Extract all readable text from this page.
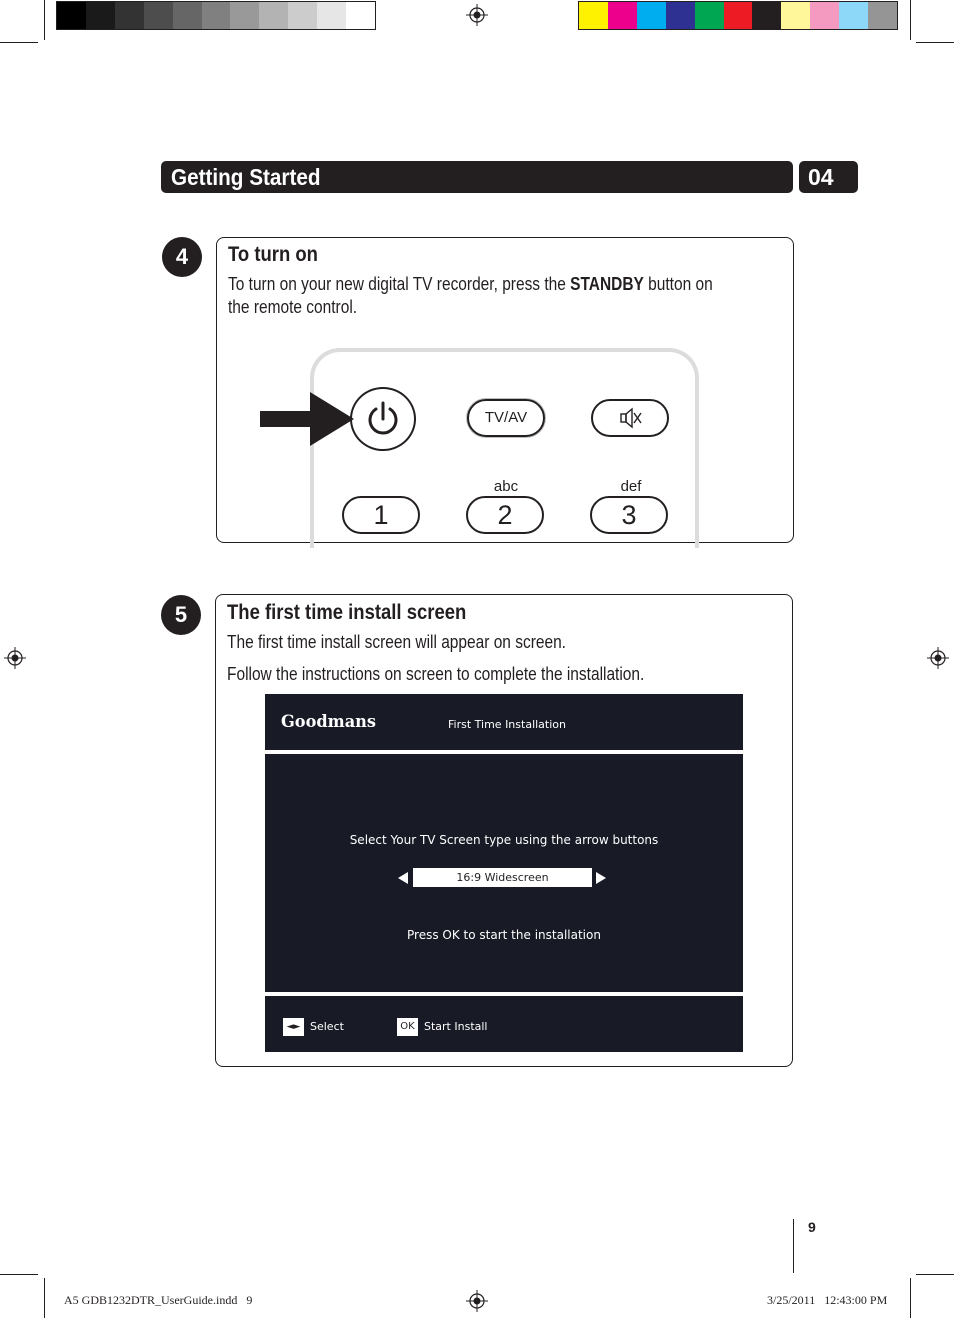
Getting Started	04
4	To turn on
To turn on your new digital TV recorder, press the STANDBY button on
the remote control.
TV/AV
abc	def
1	2	3
5	The first time install screen
The first time install screen will appear on screen.
Follow the instructions on screen to complete the installation.
Goodmans	First Time Installation
Select Your TV Screen type using the arrow buttons
16:9 Widescreen
Press OK to start the installation
◄► Select	OK Start Install
9
A5 GDB1232DTR_UserGuide.indd   9	3/25/2011   12:43:00 PM
